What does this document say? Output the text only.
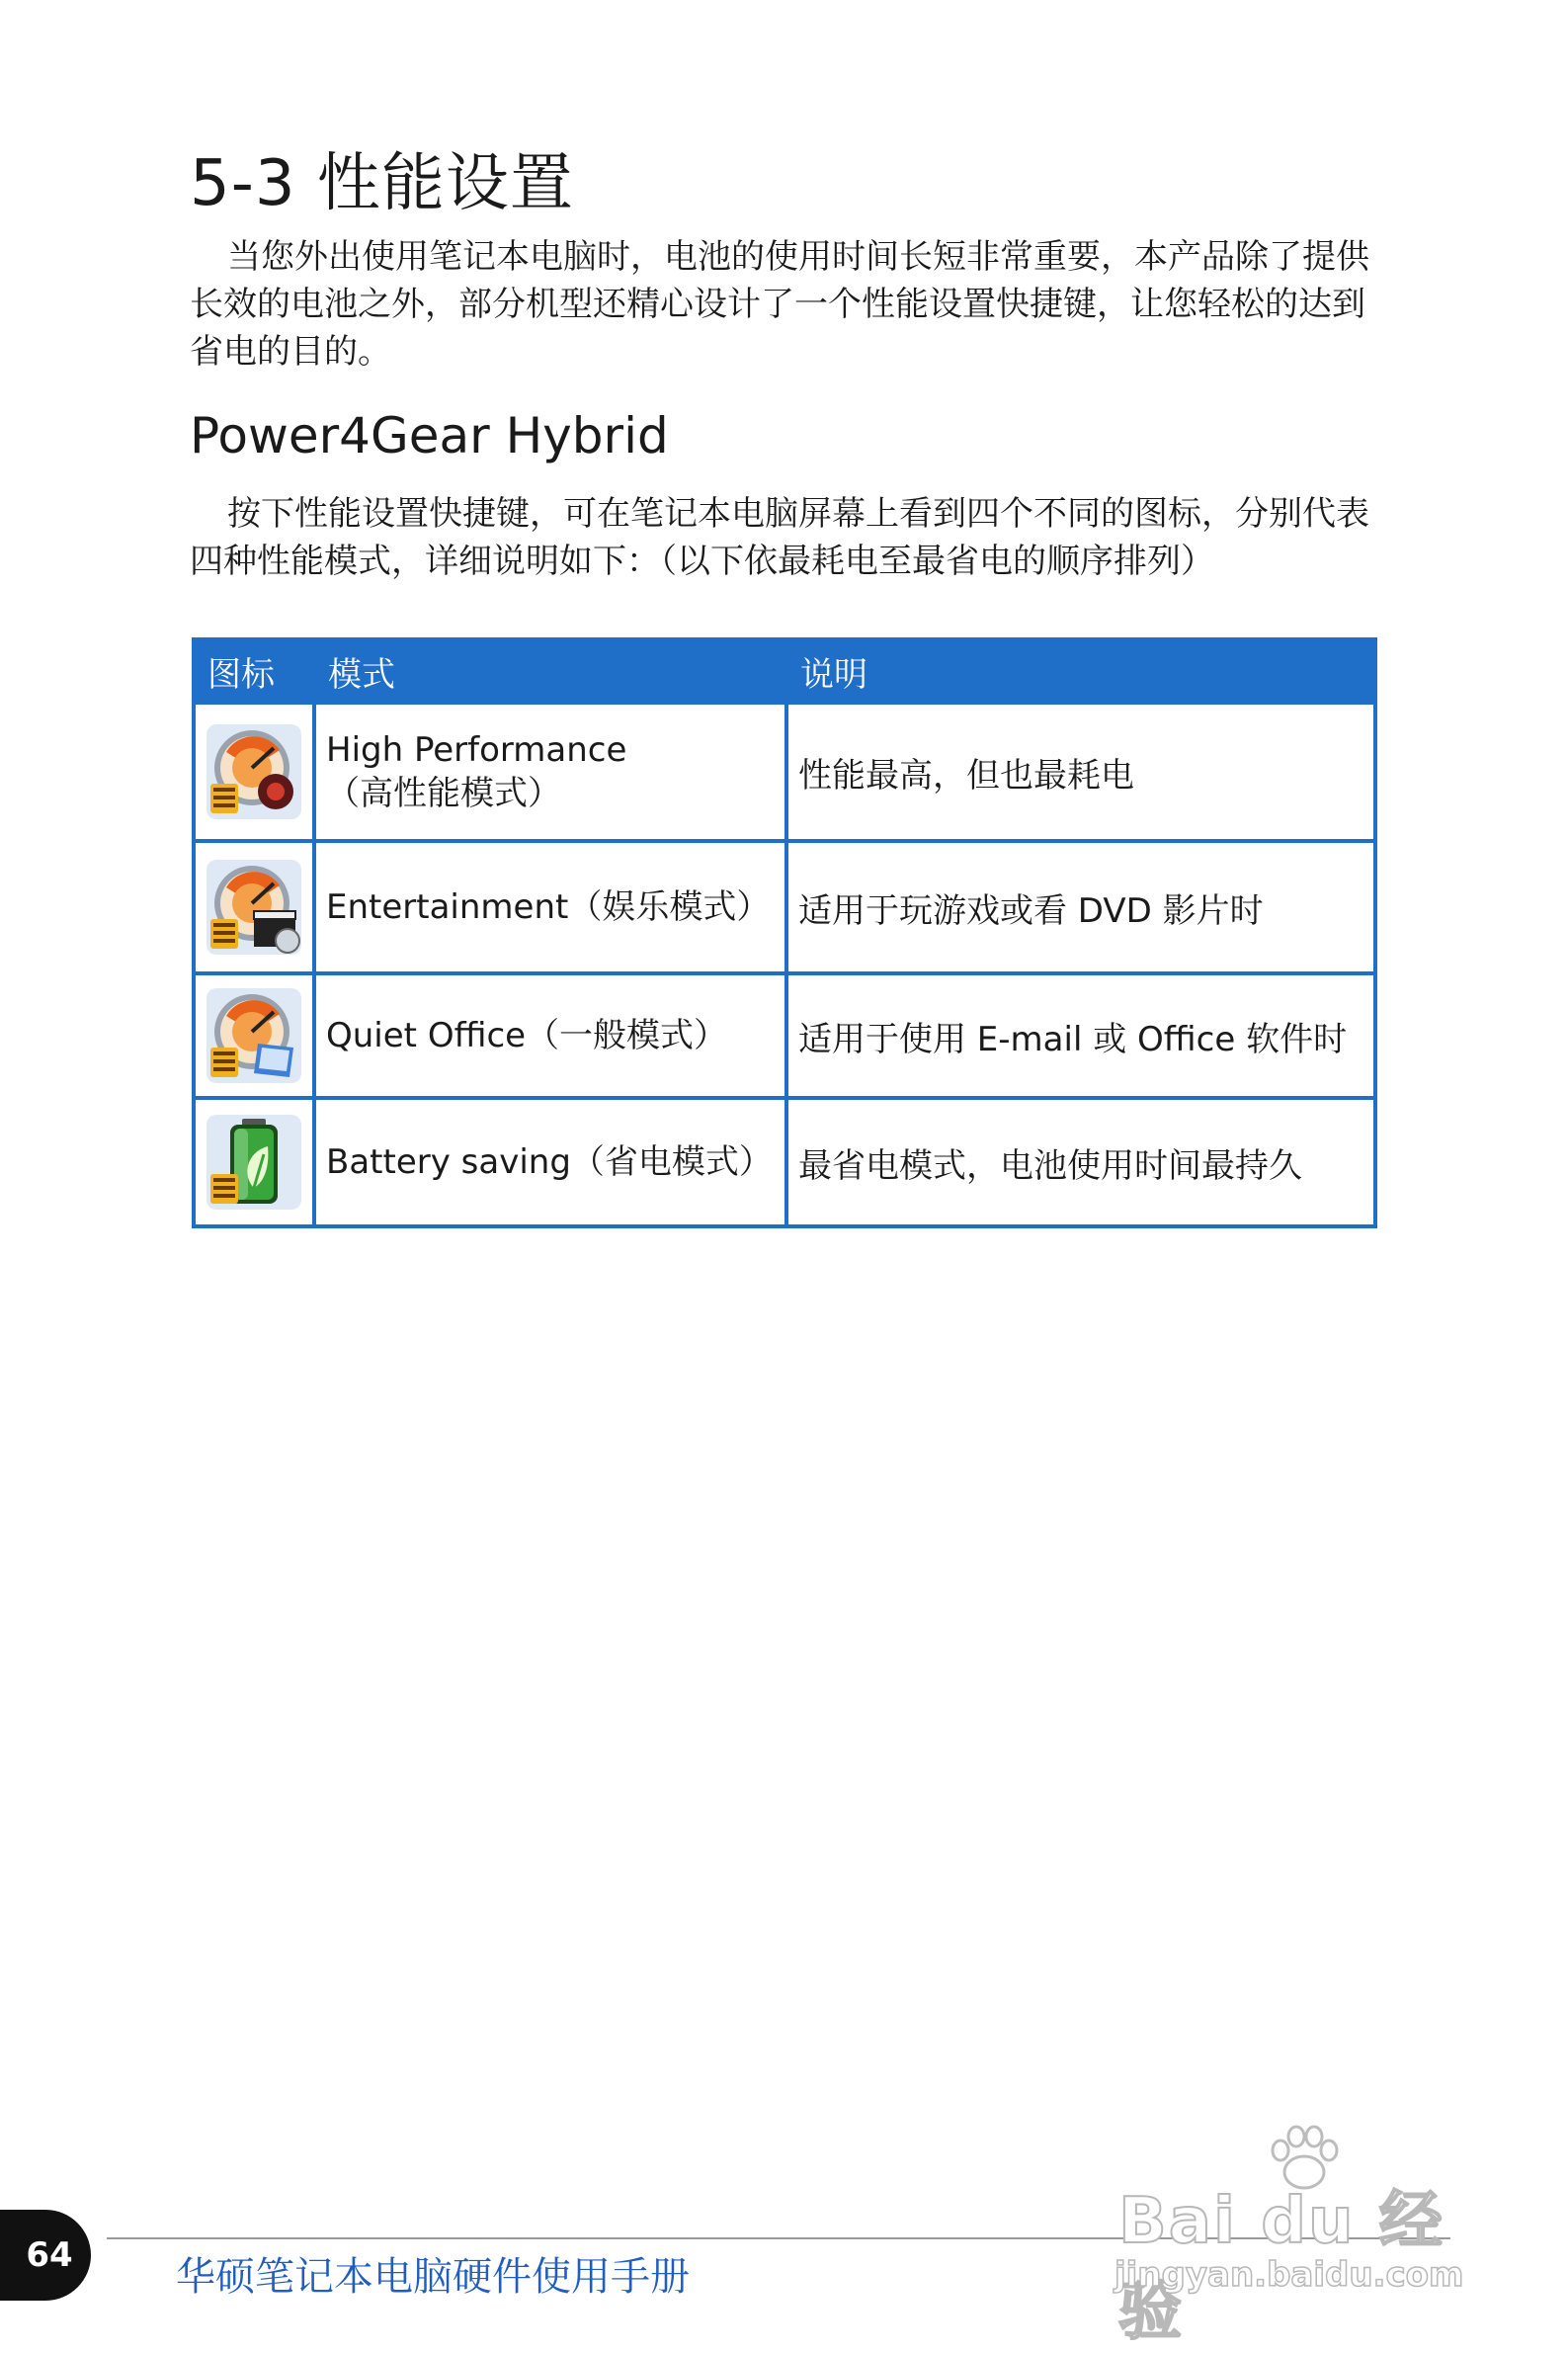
5-3 性能设置

当您外出使用笔记本电脑时，电池的使用时间长短非常重要，本产品除了提供长效的电池之外，部分机型还精心设计了一个性能设置快捷键，让您轻松的达到省电的目的。

Power4Gear Hybrid

按下性能设置快捷键，可在笔记本电脑屏幕上看到四个不同的图标，分别代表四种性能模式，详细说明如下：（以下依最耗电至最省电的顺序排列）

图标	模式	说明

High Performance
（高性能模式）	性能最高，但也最耗电

Entertainment（娱乐模式）	适用于玩游戏或看 DVD 影片时

Quiet Office（一般模式）	适用于使用 E-mail 或 Office 软件时

Battery saving（省电模式）	最省电模式，电池使用时间最持久
64	华硕笔记本电脑硬件使用手册

Bai du 经验
jingyan.baidu.com
